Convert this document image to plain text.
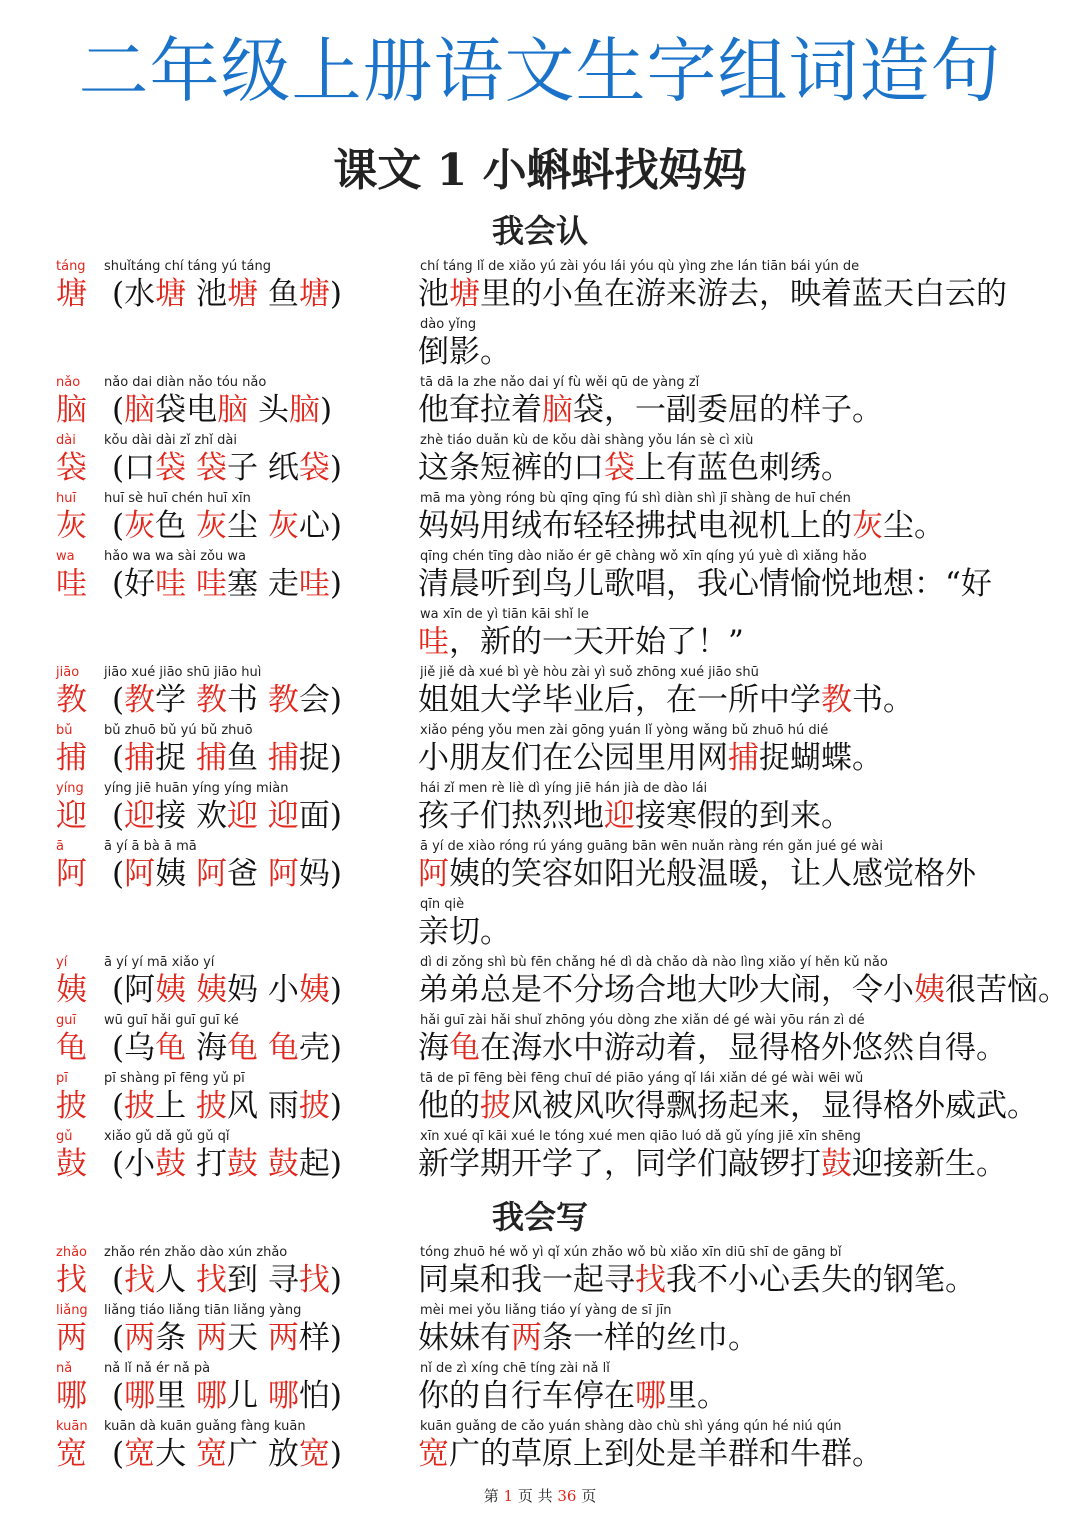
二年级上册语文生字组词造句
课文 1 小蝌蚪找妈妈
我会认
我会写
táng
塘
shuǐtáng chí táng yú táng
(水塘 池塘 鱼塘)
chí táng lǐ de xiǎo yú zài yóu lái yóu qù yìng zhe lán tiān bái yún de
池塘里的小鱼在游来游去，映着蓝天白云的
dào yǐng
倒影。
nǎo
脑
nǎo dai diàn nǎo tóu nǎo
(脑袋电脑 头脑)
tā dā la zhe nǎo dai yí fù wěi qū de yàng zǐ
他耷拉着脑袋，一副委屈的样子。
dài
袋
kǒu dài dài zǐ zhǐ dài
(口袋 袋子 纸袋)
zhè tiáo duǎn kù de kǒu dài shàng yǒu lán sè cì xiù
这条短裤的口袋上有蓝色刺绣。
huī
灰
huī sè huī chén huī xīn
(灰色 灰尘 灰心)
mā ma yòng róng bù qīng qīng fú shì diàn shì jī shàng de huī chén
妈妈用绒布轻轻拂拭电视机上的灰尘。
wa
哇
hǎo wa wa sài zǒu wa
(好哇 哇塞 走哇)
qīng chén tīng dào niǎo ér gē chàng wǒ xīn qíng yú yuè dì xiǎng hǎo
清晨听到鸟儿歌唱，我心情愉悦地想：“好
wa xīn de yì tiān kāi shǐ le
哇，新的一天开始了！”
jiāo
教
jiāo xué jiāo shū jiāo huì
(教学 教书 教会)
jiě jiě dà xué bì yè hòu zài yì suǒ zhōng xué jiāo shū
姐姐大学毕业后，在一所中学教书。
bǔ
捕
bǔ zhuō bǔ yú bǔ zhuō
(捕捉 捕鱼 捕捉)
xiǎo péng yǒu men zài gōng yuán lǐ yòng wǎng bǔ zhuō hú dié
小朋友们在公园里用网捕捉蝴蝶。
yíng
迎
yíng jiē huān yíng yíng miàn
(迎接 欢迎 迎面)
hái zǐ men rè liè dì yíng jiē hán jià de dào lái
孩子们热烈地迎接寒假的到来。
ā
阿
ā yí ā bà ā mā
(阿姨 阿爸 阿妈)
ā yí de xiào róng rú yáng guāng bān wēn nuǎn ràng rén gǎn jué gé wài
阿姨的笑容如阳光般温暖，让人感觉格外
qīn qiè
亲切。
yí
姨
ā yí yí mā xiǎo yí
(阿姨 姨妈 小姨)
dì di zǒng shì bù fēn chǎng hé dì dà chǎo dà nào lìng xiǎo yí hěn kǔ nǎo
弟弟总是不分场合地大吵大闹，令小姨很苦恼。
guī
龟
wū guī hǎi guī guī ké
(乌龟 海龟 龟壳)
hǎi guī zài hǎi shuǐ zhōng yóu dòng zhe xiǎn dé gé wài yōu rán zì dé
海龟在海水中游动着，显得格外悠然自得。
pī
披
pī shàng pī fēng yǔ pī
(披上 披风 雨披)
tā de pī fēng bèi fēng chuī dé piāo yáng qǐ lái xiǎn dé gé wài wēi wǔ
他的披风被风吹得飘扬起来，显得格外威武。
gǔ
鼓
xiǎo gǔ dǎ gǔ gǔ qǐ
(小鼓 打鼓 鼓起)
xīn xué qī kāi xué le tóng xué men qiāo luó dǎ gǔ yíng jiē xīn shēng
新学期开学了，同学们敲锣打鼓迎接新生。
zhǎo
找
zhǎo rén zhǎo dào xún zhǎo
(找人 找到 寻找)
tóng zhuō hé wǒ yì qǐ xún zhǎo wǒ bù xiǎo xīn diū shī de gāng bǐ
同桌和我一起寻找我不小心丢失的钢笔。
liǎng
两
liǎng tiáo liǎng tiān liǎng yàng
(两条 两天 两样)
mèi mei yǒu liǎng tiáo yí yàng de sī jīn
妹妹有两条一样的丝巾。
nǎ
哪
nǎ lǐ nǎ ér nǎ pà
(哪里 哪儿 哪怕)
nǐ de zì xíng chē tíng zài nǎ lǐ
你的自行车停在哪里。
kuān
宽
kuān dà kuān guǎng fàng kuān
(宽大 宽广 放宽)
kuān guǎng de cǎo yuán shàng dào chù shì yáng qún hé niú qún
宽广的草原上到处是羊群和牛群。
第 1 页 共 36 页
